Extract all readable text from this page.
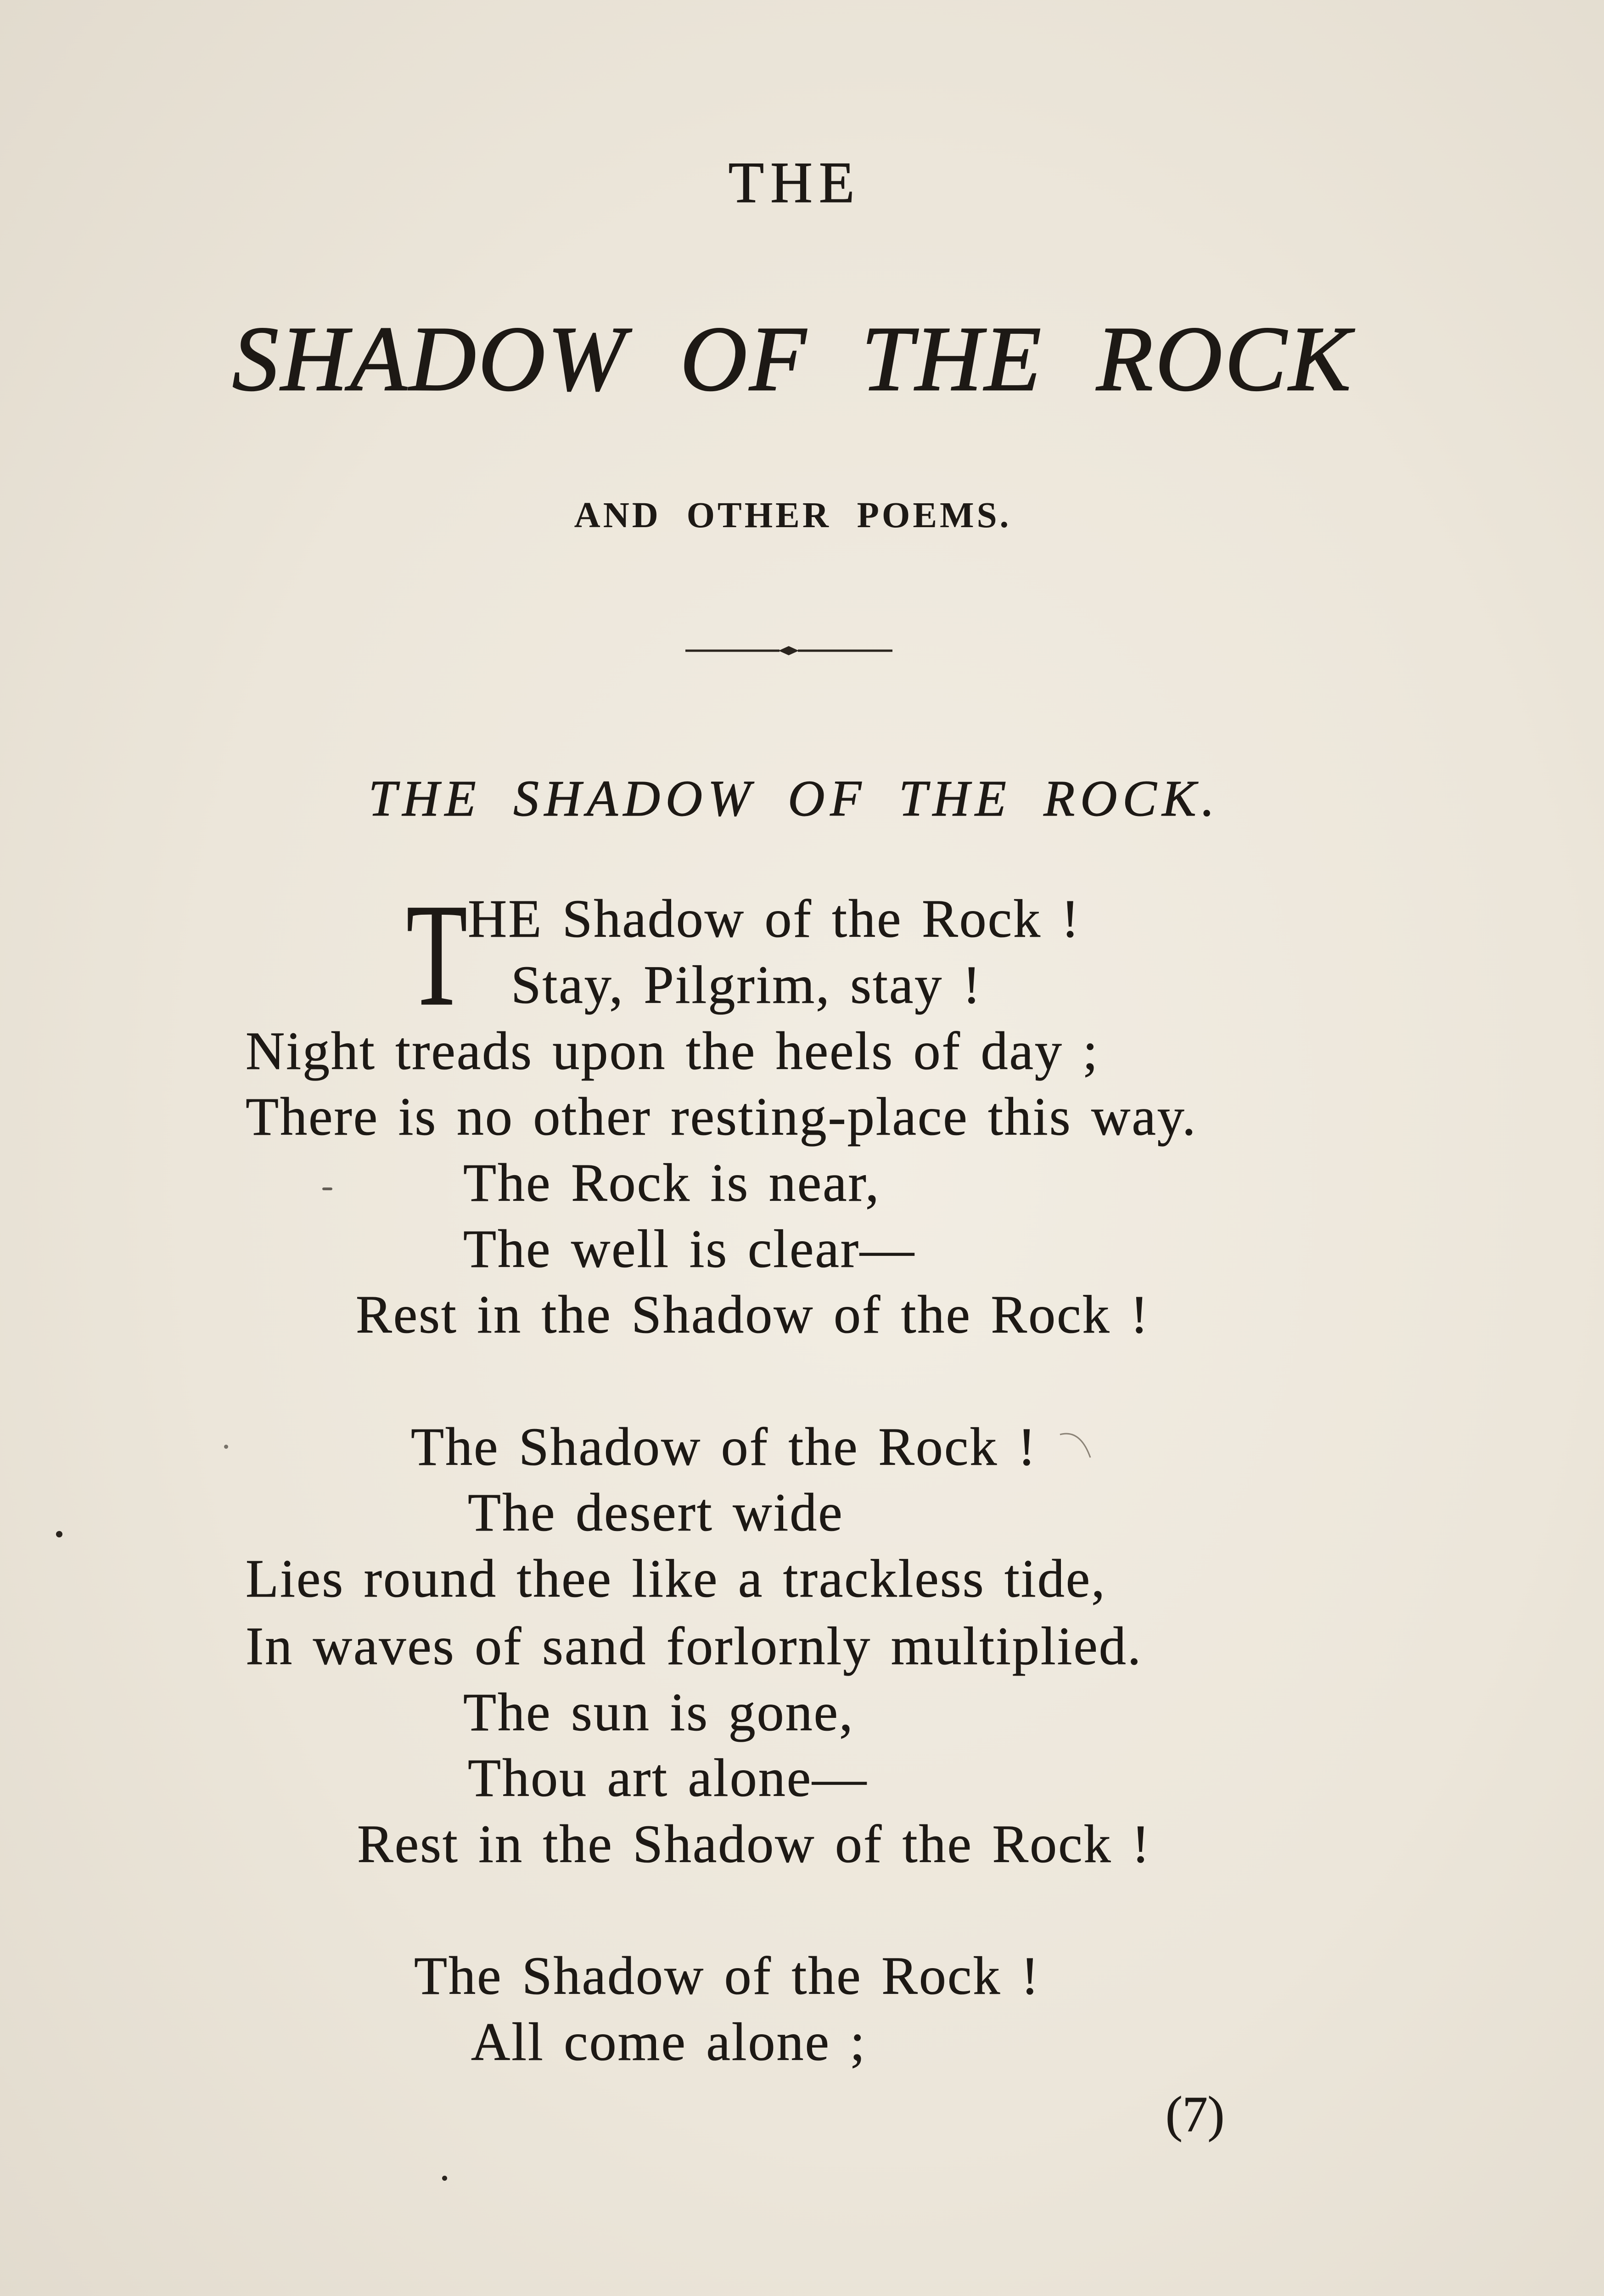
THE
SHADOW OF THE ROCK
AND OTHER POEMS.
THE SHADOW OF THE ROCK.
T HE Shadow of the Rock !
Stay, Pilgrim, stay !
Night treads upon the heels of day ;
There is no other resting-place this way.
The Rock is near,
The well is clear—
Rest in the Shadow of the Rock !
The Shadow of the Rock !
The desert wide
Lies round thee like a trackless tide,
In waves of sand forlornly multiplied.
The sun is gone,
Thou art alone—
Rest in the Shadow of the Rock !
The Shadow of the Rock !
All come alone ;
(7)
